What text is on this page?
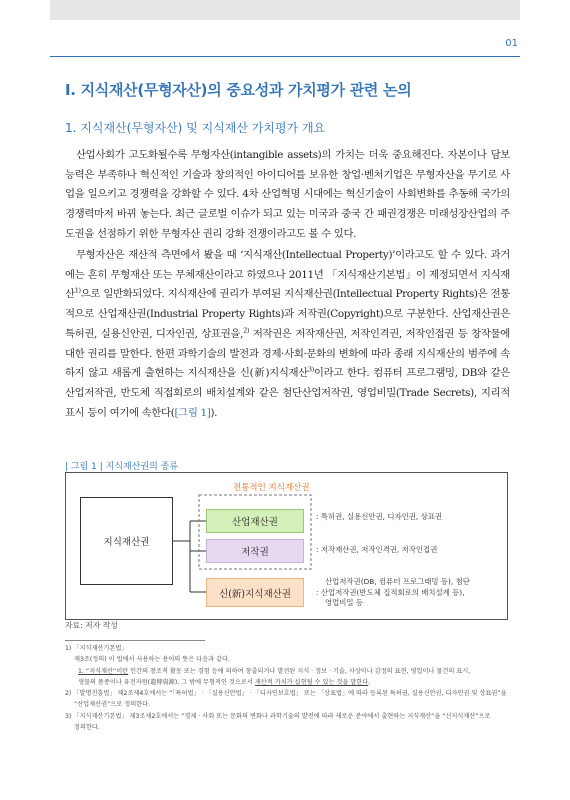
01
Ⅰ. 지식재산(무형자산)의 중요성과 가치평가 관련 논의
1. 지식재산(무형자산) 및 지식재산 가치평가 개요

산업사회가 고도화될수록 무형자산(intangible assets)의 가치는 더욱 중요해진다. 자본이나 담보 능력은 부족하나 혁신적인 기술과 창의적인 아이디어를 보유한 창업·벤처기업은 무형자산을 무기로 사업을 일으키고 경쟁력을 강화할 수 있다. 4차 산업혁명 시대에는 혁신기술이 사회변화를 추동해 국가의 경쟁력마저 바뀌 놓는다. 최근 글로벌 이슈가 되고 있는 미국과 중국 간 패권경쟁은 미래성장산업의 주도권을 선점하기 위한 무형자산 권리 강화 전쟁이라고도 볼 수 있다.

무형자산은 재산적 측면에서 봤을 때 ‘지식재산(Intellectual Property)’이라고도 할 수 있다. 과거에는 흔히 무형재산 또는 무체재산이라고 하였으나 2011년 「지식재산기본법」이 제정되면서 지식재산$^{1)}$으로 일반화되었다. 지식재산에 권리가 부여된 지식재산권(Intellectual Property Rights)은 전통적으로 산업재산권(Industrial Property Rights)과 저작권(Copyright)으로 구분한다. 산업재산권은 특허권, 실용신안권, 디자인권, 상표권을,$^{2)}$ 저작권은 저작재산권, 저작인격권, 저작인접권 등 창작물에 대한 권리를 말한다. 한편 과학기술의 발전과 경제·사회·문화의 변화에 따라 종래 지식재산의 범주에 속하지 않고 새롭게 출현하는 지식재산을 신(新)지식재산$^{3)}$이라고 한다. 컴퓨터 프로그램밍, DB와 같은 산업저작권, 반도체 직접회로의 배치설계와 같은 첨단산업저작권, 영업비밀(Trade Secrets), 지리적 표시 등이 여기에 속한다([그림 1]).

| 그림 1 | 지식재산권의 종류
지식재산권
전통적인 지식재산권
산업재산권
저작권
신(新)지식재산권
: 특허권, 실용신안권, 디자인권, 상표권
: 저작재산권, 저작인격권, 저작인접권
산업저작권(DB, 컴퓨터 프로그래밍 등), 첨단
: 산업저작권(반도체 집적회로의 배치설계 등),
영업비밀 등
자료: 저자 작성
1) 「지식재산기본법」
제3조(정의) 이 법에서 사용하는 용어의 뜻은 다음과 같다.
1. “지식재산”이란 인간의 창조적 활동 또는 경험 등에 의하여 창출되거나 발견된 지식 · 정보 · 기술, 사상이나 감정의 표현, 영업이나 물건의 표시,
생물의 품종이나 유전자원(遺傳資源), 그 밖에 무형적인 것으로서 재산적 가치가 실현될 수 있는 것을 말한다.
2) 「발명진흥법」 제2조제4호에서는 “「특허법」 · 「실용신안법」 · 「디자인보호법」 또는 「상표법」에 따라 등록된 특허권, 실용신안권, 디자인권 및 상표권”을
“산업재산권”으로 정의한다.
3) 「지식재산기본법」 제3조제2호에서는 “경제 · 사회 또는 문화의 변화나 과학기술의 발전에 따라 새로운 분야에서 출현하는 지식재산”을 “신지식재산”으로
정의한다.
